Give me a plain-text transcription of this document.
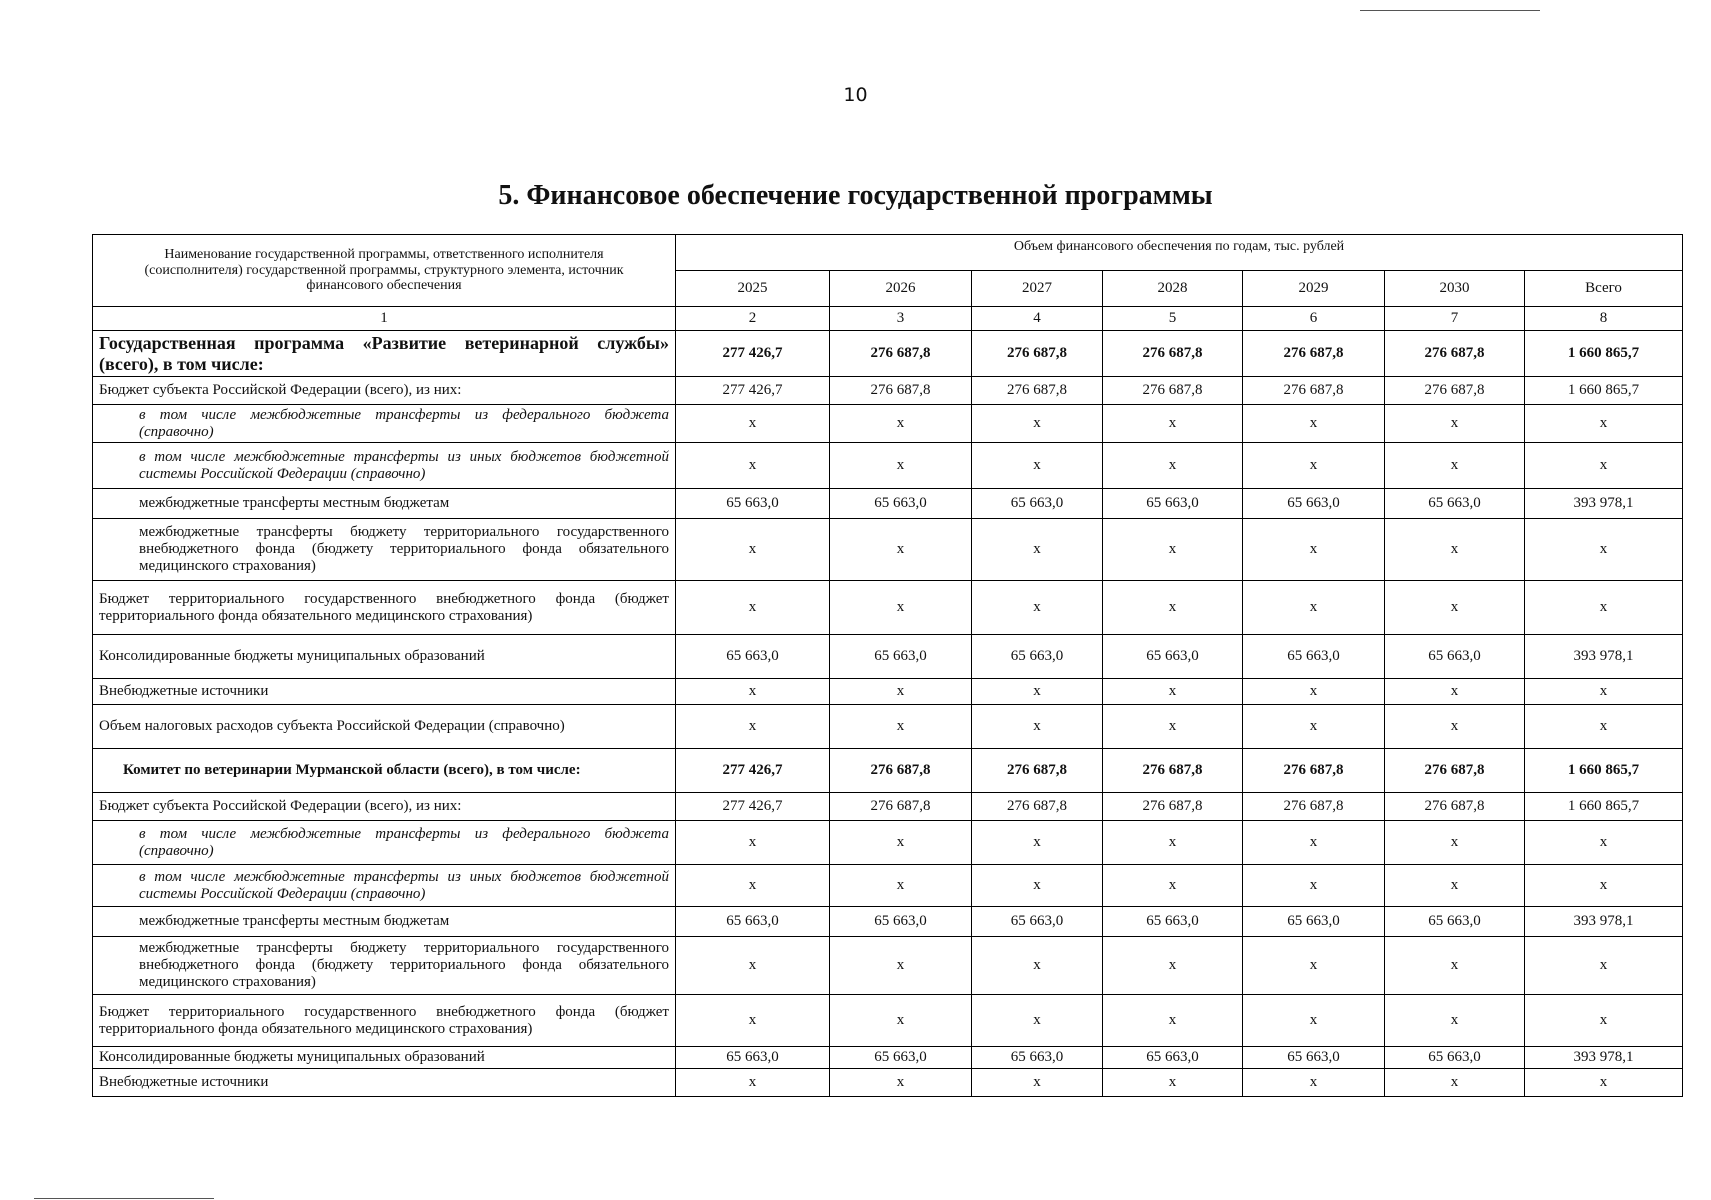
10
5. Финансовое обеспечение государственной программы
Наименование государственной программы, ответственного исполнителя (соисполнителя) государственной программы, структурного элемента, источник финансового обеспечения	Объем финансового обеспечения по годам, тыс. рублей						
	2025	2026	2027	2028	2029	2030	Всего
1	2	3	4	5	6	7	8
Государственная программа «Развитие ветеринарной службы» (всего), в том числе:	277 426,7	276 687,8	276 687,8	276 687,8	276 687,8	276 687,8	1 660 865,7
Бюджет субъекта Российской Федерации (всего), из них:	277 426,7	276 687,8	276 687,8	276 687,8	276 687,8	276 687,8	1 660 865,7
в том числе межбюджетные трансферты из федерального бюджета (справочно)	x	x	x	x	x	x	x
в том числе межбюджетные трансферты из иных бюджетов бюджетной системы Российской Федерации (справочно)	x	x	x	x	x	x	x
межбюджетные трансферты местным бюджетам	65 663,0	65 663,0	65 663,0	65 663,0	65 663,0	65 663,0	393 978,1
межбюджетные трансферты бюджету территориального государственного внебюджетного фонда (бюджету территориального фонда обязательного медицинского страхования)	x	x	x	x	x	x	x
Бюджет территориального государственного внебюджетного фонда (бюджет территориального фонда обязательного медицинского страхования)	x	x	x	x	x	x	x
Консолидированные бюджеты муниципальных образований	65 663,0	65 663,0	65 663,0	65 663,0	65 663,0	65 663,0	393 978,1
Внебюджетные источники	x	x	x	x	x	x	x
Объем налоговых расходов субъекта Российской Федерации (справочно)	x	x	x	x	x	x	x
Комитет по ветеринарии Мурманской области (всего), в том числе:	277 426,7	276 687,8	276 687,8	276 687,8	276 687,8	276 687,8	1 660 865,7
Бюджет субъекта Российской Федерации (всего), из них:	277 426,7	276 687,8	276 687,8	276 687,8	276 687,8	276 687,8	1 660 865,7
в том числе межбюджетные трансферты из федерального бюджета (справочно)	x	x	x	x	x	x	x
в том числе межбюджетные трансферты из иных бюджетов бюджетной системы Российской Федерации (справочно)	x	x	x	x	x	x	x
межбюджетные трансферты местным бюджетам	65 663,0	65 663,0	65 663,0	65 663,0	65 663,0	65 663,0	393 978,1
межбюджетные трансферты бюджету территориального государственного внебюджетного фонда (бюджету территориального фонда обязательного медицинского страхования)	x	x	x	x	x	x	x
Бюджет территориального государственного внебюджетного фонда (бюджет территориального фонда обязательного медицинского страхования)	x	x	x	x	x	x	x
Консолидированные бюджеты муниципальных образований	65 663,0	65 663,0	65 663,0	65 663,0	65 663,0	65 663,0	393 978,1
Внебюджетные источники	x	x	x	x	x	x	x
